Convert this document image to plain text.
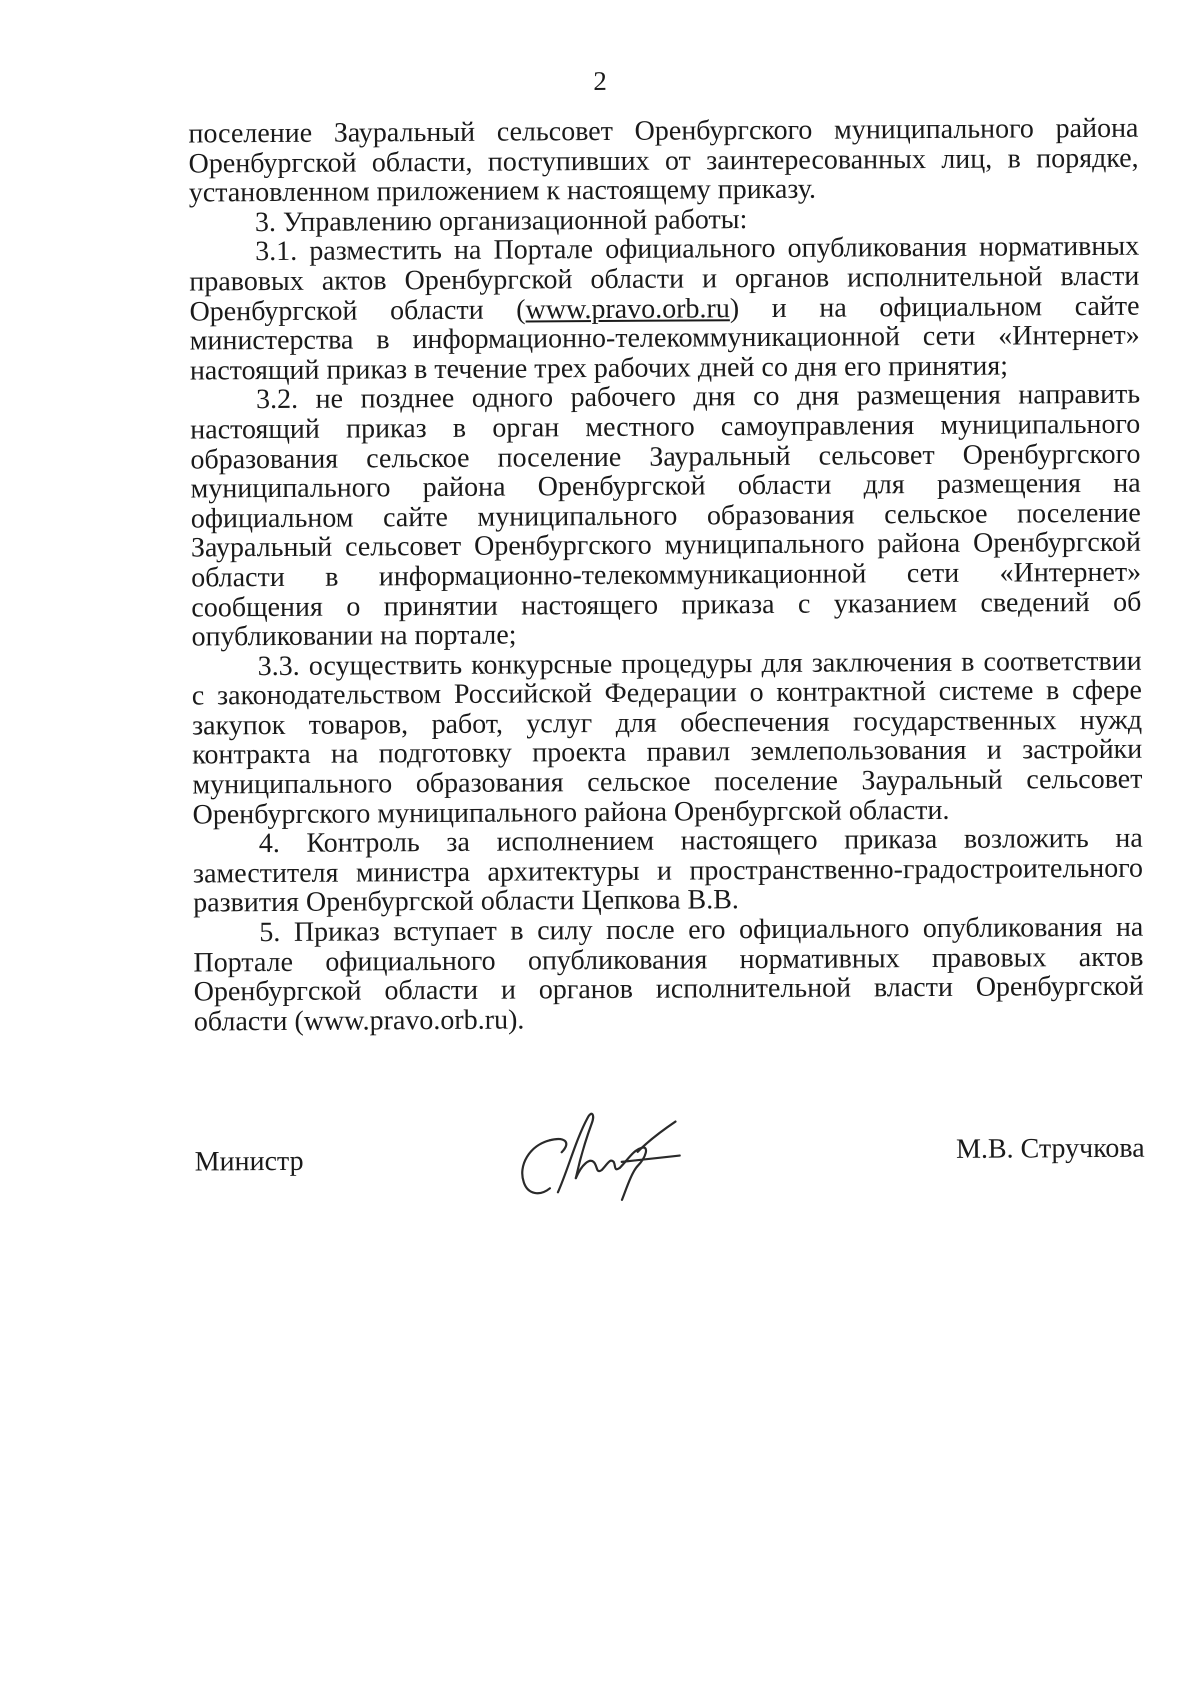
2

поселение Зауральный сельсовет Оренбургского муниципального района Оренбургской области, поступивших от заинтересованных лиц, в порядке, установленном приложением к настоящему приказу.

3. Управлению организационной работы:

3.1. разместить на Портале официального опубликования нормативных правовых актов Оренбургской области и органов исполнительной власти Оренбургской области (www.pravo.orb.ru) и на официальном сайте министерства в информационно-телекоммуникационной сети «Интернет» настоящий приказ в течение трех рабочих дней со дня его принятия;

3.2. не позднее одного рабочего дня со дня размещения направить настоящий приказ в орган местного самоуправления муниципального образования сельское поселение Зауральный сельсовет Оренбургского муниципального района Оренбургской области для размещения на официальном сайте муниципального образования сельское поселение Зауральный сельсовет Оренбургского муниципального района Оренбургской области в информационно-телекоммуникационной сети «Интернет» сообщения о принятии настоящего приказа с указанием сведений об опубликовании на портале;

3.3. осуществить конкурсные процедуры для заключения в соответствии с законодательством Российской Федерации о контрактной системе в сфере закупок товаров, работ, услуг для обеспечения государственных нужд контракта на подготовку проекта правил землепользования и застройки муниципального образования сельское поселение Зауральный сельсовет Оренбургского муниципального района Оренбургской области.

4. Контроль за исполнением настоящего приказа возложить на заместителя министра архитектуры и пространственно-градостроительного развития Оренбургской области Цепкова В.В.

5. Приказ вступает в силу после его официального опубликования на Портале официального опубликования нормативных правовых актов Оренбургской области и органов исполнительной власти Оренбургской области (www.pravo.orb.ru).

Министр	М.В. Стручкова
